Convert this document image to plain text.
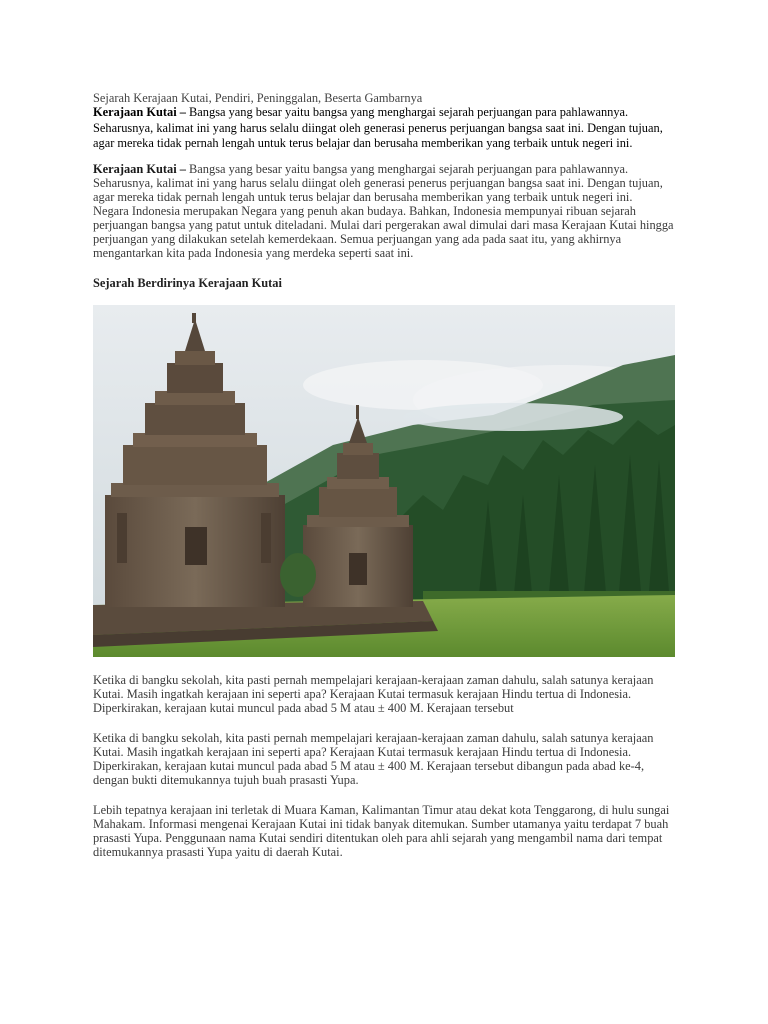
Sejarah Kerajaan Kutai, Pendiri, Peninggalan, Beserta Gambarnya

Kerajaan Kutai – Bangsa yang besar yaitu bangsa yang menghargai sejarah perjuangan para pahlawannya. Seharusnya, kalimat ini yang harus selalu diingat oleh generasi penerus perjuangan bangsa saat ini. Dengan tujuan, agar mereka tidak pernah lengah untuk terus belajar dan berusaha memberikan yang terbaik untuk negeri ini.

Kerajaan Kutai – Bangsa yang besar yaitu bangsa yang menghargai sejarah perjuangan para pahlawannya. Seharusnya, kalimat ini yang harus selalu diingat oleh generasi penerus perjuangan bangsa saat ini. Dengan tujuan, agar mereka tidak pernah lengah untuk terus belajar dan berusaha memberikan yang terbaik untuk negeri ini.

Negara Indonesia merupakan Negara yang penuh akan budaya. Bahkan, Indonesia mempunyai ribuan sejarah perjuangan bangsa yang patut untuk diteladani. Mulai dari pergerakan awal dimulai dari masa Kerajaan Kutai hingga perjuangan yang dilakukan setelah kemerdekaan. Semua perjuangan yang ada pada saat itu, yang akhirnya mengantarkan kita pada Indonesia yang merdeka seperti saat ini.

Sejarah Berdirinya Kerajaan Kutai

Ketika di bangku sekolah, kita pasti pernah mempelajari kerajaan-kerajaan zaman dahulu, salah satunya kerajaan Kutai. Masih ingatkah kerajaan ini seperti apa? Kerajaan Kutai termasuk kerajaan Hindu tertua di Indonesia. Diperkirakan, kerajaan kutai muncul pada abad 5 M atau ± 400 M. Kerajaan tersebut

Ketika di bangku sekolah, kita pasti pernah mempelajari kerajaan-kerajaan zaman dahulu, salah satunya kerajaan Kutai. Masih ingatkah kerajaan ini seperti apa? Kerajaan Kutai termasuk kerajaan Hindu tertua di Indonesia. Diperkirakan, kerajaan kutai muncul pada abad 5 M atau ± 400 M. Kerajaan tersebut dibangun pada abad ke-4, dengan bukti ditemukannya tujuh buah prasasti Yupa.

Lebih tepatnya kerajaan ini terletak di Muara Kaman, Kalimantan Timur atau dekat kota Tenggarong, di hulu sungai Mahakam. Informasi mengenai Kerajaan Kutai ini tidak banyak ditemukan. Sumber utamanya yaitu terdapat 7 buah prasasti Yupa. Penggunaan nama Kutai sendiri ditentukan oleh para ahli sejarah yang mengambil nama dari tempat ditemukannya prasasti Yupa yaitu di daerah Kutai.
